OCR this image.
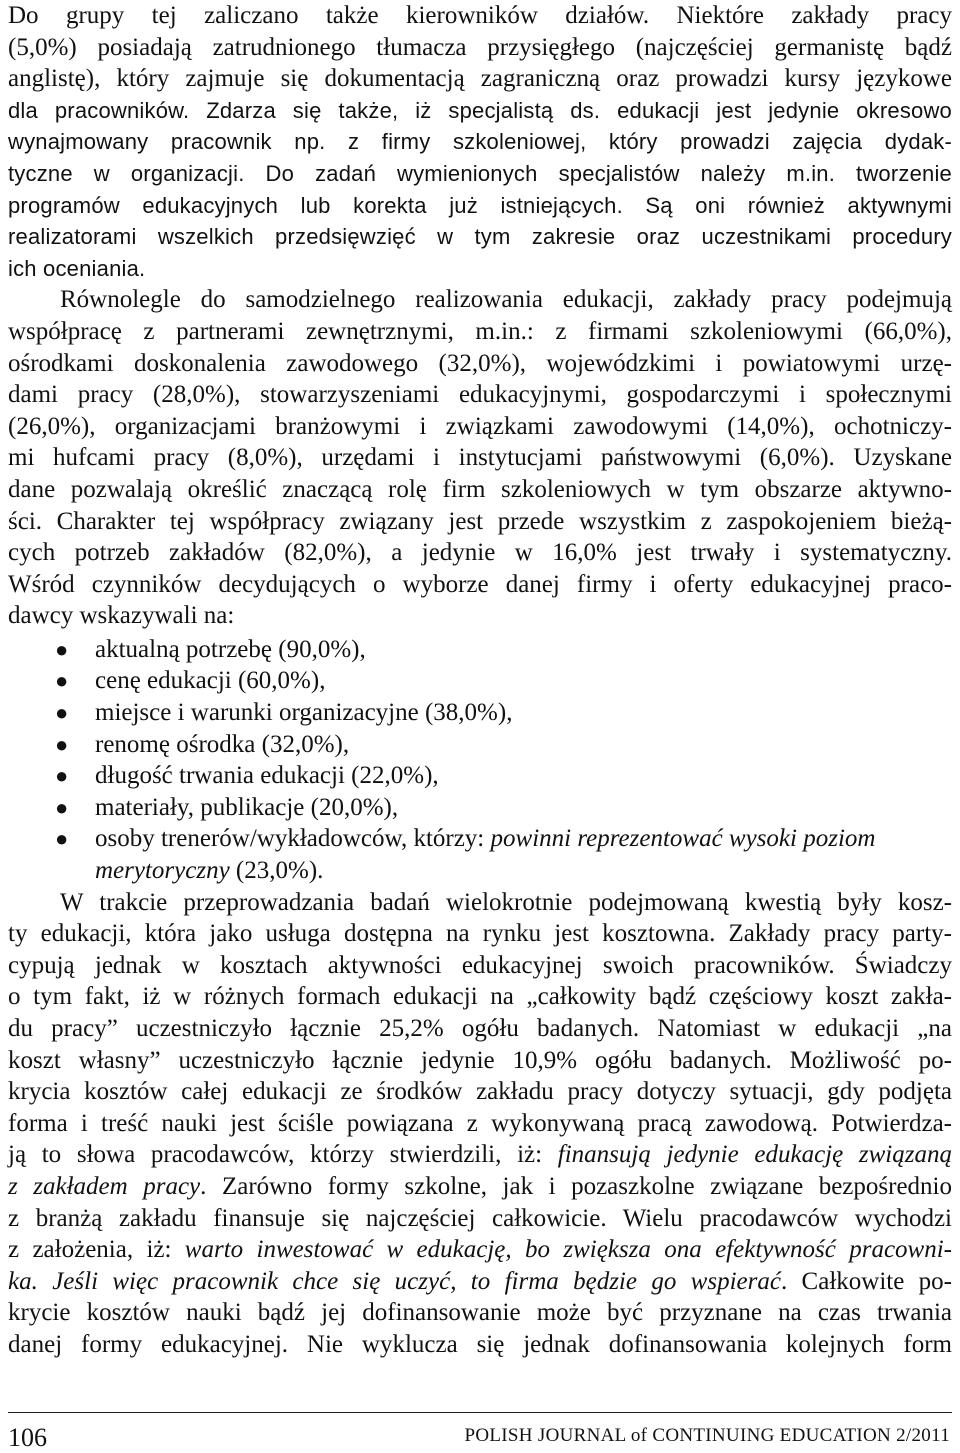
Do grupy tej zaliczano także kierowników działów. Niektóre zakłady pracy
(5,0%) posiadają zatrudnionego tłumacza przysięgłego (najczęściej germanistę bądź
anglistę), który zajmuje się dokumentacją zagraniczną oraz prowadzi kursy językowe
dla pracowników. Zdarza się także, iż specjalistą ds. edukacji jest jedynie okresowo
wynajmowany pracownik np. z firmy szkoleniowej, który prowadzi zajęcia dydak-
tyczne w organizacji. Do zadań wymienionych specjalistów należy m.in. tworzenie
programów edukacyjnych lub korekta już istniejących. Są oni również aktywnymi
realizatorami wszelkich przedsięwzięć w tym zakresie oraz uczestnikami procedury
ich oceniania.
Równolegle do samodzielnego realizowania edukacji, zakłady pracy podejmują
współpracę z partnerami zewnętrznymi, m.in.: z firmami szkoleniowymi (66,0%),
ośrodkami doskonalenia zawodowego (32,0%), wojewódzkimi i powiatowymi urzę-
dami pracy (28,0%), stowarzyszeniami edukacyjnymi, gospodarczymi i społecznymi
(26,0%), organizacjami branżowymi i związkami zawodowymi (14,0%), ochotniczy-
mi hufcami pracy (8,0%), urzędami i instytucjami państwowymi (6,0%). Uzyskane
dane pozwalają określić znaczącą rolę firm szkoleniowych w tym obszarze aktywno-
ści. Charakter tej współpracy związany jest przede wszystkim z zaspokojeniem bieżą-
cych potrzeb zakładów (82,0%), a jedynie w 16,0% jest trwały i systematyczny.
Wśród czynników decydujących o wyborze danej firmy i oferty edukacyjnej praco-
dawcy wskazywali na:
● aktualną potrzebę (90,0%),
● cenę edukacji (60,0%),
● miejsce i warunki organizacyjne (38,0%),
● renomę ośrodka (32,0%),
● długość trwania edukacji (22,0%),
● materiały, publikacje (20,0%),
● osoby trenerów/wykładowców, którzy: powinni reprezentować wysoki poziom
merytoryczny (23,0%).
W trakcie przeprowadzania badań wielokrotnie podejmowaną kwestią były kosz-
ty edukacji, która jako usługa dostępna na rynku jest kosztowna. Zakłady pracy party-
cypują jednak w kosztach aktywności edukacyjnej swoich pracowników. Świadczy
o tym fakt, iż w różnych formach edukacji na „całkowity bądź częściowy koszt zakła-
du pracy” uczestniczyło łącznie 25,2% ogółu badanych. Natomiast w edukacji „na
koszt własny” uczestniczyło łącznie jedynie 10,9% ogółu badanych. Możliwość po-
krycia kosztów całej edukacji ze środków zakładu pracy dotyczy sytuacji, gdy podjęta
forma i treść nauki jest ściśle powiązana z wykonywaną pracą zawodową. Potwierdza-
ją to słowa pracodawców, którzy stwierdzili, iż: finansują jedynie edukację związaną
z zakładem pracy. Zarówno formy szkolne, jak i pozaszkolne związane bezpośrednio
z branżą zakładu finansuje się najczęściej całkowicie. Wielu pracodawców wychodzi
z założenia, iż: warto inwestować w edukację, bo zwiększa ona efektywność pracowni-
ka. Jeśli więc pracownik chce się uczyć, to firma będzie go wspierać. Całkowite po-
krycie kosztów nauki bądź jej dofinansowanie może być przyznane na czas trwania
danej formy edukacyjnej. Nie wyklucza się jednak dofinansowania kolejnych form
106	POLISH JOURNAL of CONTINUING EDUCATION 2/2011
